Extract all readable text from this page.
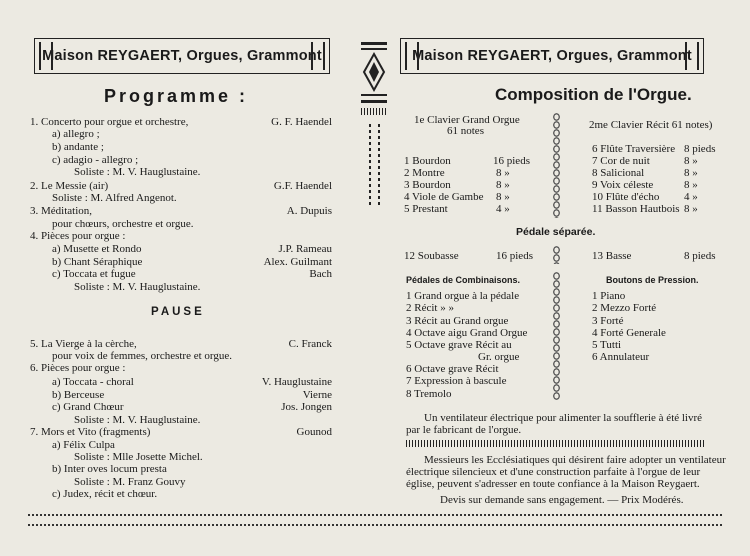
Maison REYGAERT, Orgues, Grammont
Programme :
1. Concerto pour orgue et orchestre,	G. F. Haendel
a) allegro ;
b) andante ;
c) adagio - allegro ;
Soliste : M. V. Hauglustaine.
2. Le Messie (air)	G.F. Haendel
Soliste : M. Alfred Angenot.
3. Méditation,	A. Dupuis
pour chœurs, orchestre et orgue.
4. Pièces pour orgue :
a) Musette et Rondo	J.P. Rameau
b) Chant Séraphique	Alex. Guilmant
c) Toccata et fugue	Bach
Soliste : M. V. Hauglustaine.
PAUSE
5. La Vierge à la cèrche,	C. Franck
pour voix de femmes, orchestre et orgue.
6. Pièces pour orgue :
a) Toccata - choral	V. Hauglustaine
b) Berceuse	Vierne
c) Grand Chœur	Jos. Jongen
Soliste : M. V. Hauglustaine.
7. Mors et Vito (fragments)	Gounod
a) Félix Culpa
Soliste : Mlle Josette Michel.
b) Inter oves locum presta
Soliste : M. Franz Gouvy
c) Judex, récit et chœur.
Maison REYGAERT, Orgues, Grammont
Composition de l'Orgue.
1e Clavier Grand Orgue
61 notes	2me Clavier Récit 61 notes)
1 Bourdon	16 pieds
2 Montre	8 »
3 Bourdon	8 »
4 Viole de Gambe 8 »
5 Prestant	4 »
6 Flûte Traversière 8 pieds
7 Cor de nuit	8 »
8 Salicional	8 »
9 Voix céleste	8 »
10 Flûte d'écho 4 »
11 Basson Hautbois 8 »
Pédale séparée.
12 Soubasse	16 pieds	13 Basse	8 pieds
Pédales de Combinaisons.	Boutons de Pression.
1 Grand orgue à la pédale
2 Récit » »
3 Récit au Grand orgue
4 Octave aigu Grand Orgue
5 Octave grave Récit au
Gr. orgue
6 Octave grave Récit
7 Expression à bascule
8 Tremolo
1 Piano
2 Mezzo Forté
3 Forté
4 Forté Generale
5 Tutti
6 Annulateur
Un ventilateur électrique pour alimenter la soufflerie à été livré
par le fabricant de l'orgue.
Messieurs les Ecclésiatiques qui désirent faire adopter un ventilateur
électrique silencieux et d'une construction parfaite à l'orgue de leur
église, peuvent s'adresser en toute confiance à la Maison Reygaert.
Devis sur demande sans engagement. — Prix Modérés.
